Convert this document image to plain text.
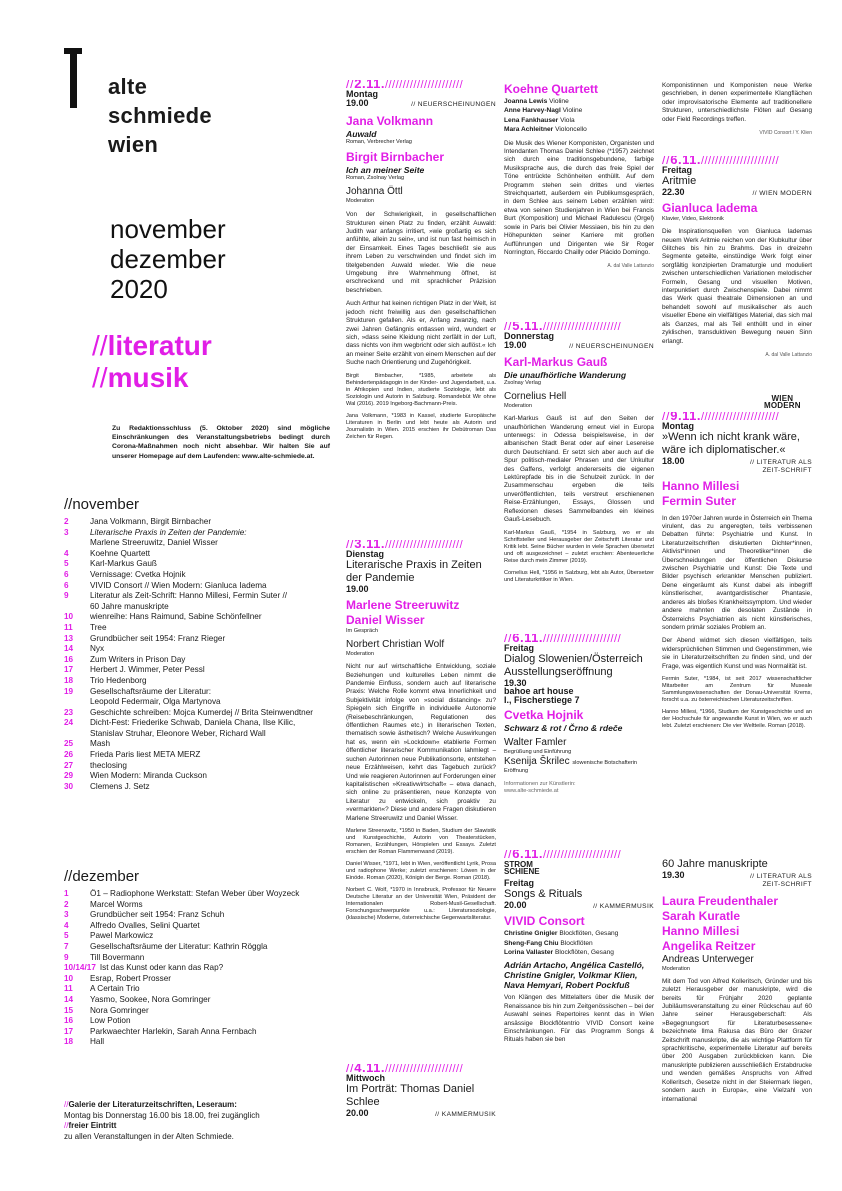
alte
schmiede
wien
november
dezember
2020
//literatur
//musik
Zu Redaktionsschluss (5. Oktober 2020) sind mögliche Einschränkungen des Veranstaltungsbetriebs bedingt durch Corona-Maßnahmen noch nicht absehbar. Wir halten Sie auf unserer Homepage auf dem Laufenden: www.alte-schmiede.at.
//november
2	Jana Volkmann, Birgit Birnbacher
3	Literarische Praxis in Zeiten der Pandemie:
Marlene Streeruwitz, Daniel Wisser
4	Koehne Quartett
5	Karl-Markus Gauß
6	Vernissage: Cvetka Hojnik
6	VIVID Consort // Wien Modern: Gianluca Iadema
9	Literatur als Zeit-Schrift: Hanno Millesi, Fermin Suter //
60 Jahre manuskripte
10	wienreihe: Hans Raimund, Sabine Schönfellner
11	Tree
13	Grundbücher seit 1954: Franz Rieger
14	Nyx
16	Zum Writers in Prison Day
17	Herbert J. Wimmer, Peter Pessl
18	Trio Hedenborg
19	Gesellschaftsräume der Literatur:
Leopold Federmair, Olga Martynova
23	Geschichte schreiben: Mojca Kumerdej // Brita Steinwendtner
24	Dicht-Fest: Friederike Schwab, Daniela Chana, Ilse Kilic,
Stanislav Struhar, Eleonore Weber, Richard Wall
25	Mash
26	Frieda Paris liest META MERZ
27	theclosing
29	Wien Modern: Miranda Cuckson
30	Clemens J. Setz
//dezember
1	Ö1 – Radiophone Werkstatt: Stefan Weber über Woyzeck
2	Marcel Worms
3	Grundbücher seit 1954: Franz Schuh
4	Alfredo Ovalles, Selini Quartet
5	Pawel Markowicz
7	Gesellschaftsräume der Literatur: Kathrin Röggla
9	Till Bovermann
10/14/17 Ist das Kunst oder kann das Rap?
10	Esrap, Robert Prosser
11	A Certain Trio
14	Yasmo, Sookee, Nora Gomringer
15	Nora Gomringer
16	Low Potion
17	Parkwaechter Harlekin, Sarah Anna Fernbach
18	Hall
//Galerie der Literaturzeitschriften, Leseraum:
Montag bis Donnerstag 16.00 bis 18.00, frei zugänglich
//freier Eintritt
zu allen Veranstaltungen in der Alten Schmiede.
// 2.11. //////////////////////
Montag
19.00	// NEUERSCHEINUNGEN
Jana Volkmann
Auwald
Roman, Verbrecher Verlag
Birgit Birnbacher
Ich an meiner Seite
Roman, Zsolnay Verlag
Johanna Öttl
Moderation

Von der Schwierigkeit, in gesellschaftlichen Strukturen einen Platz zu finden, erzählt Auwald: Judith war anfangs irritiert, »wie großartig es sich anfühlte, allein zu sein«, und ist nun fast heimisch in der Einsamkeit. Eines Tages beschließt sie aus ihrem Leben zu verschwinden und findet sich im titelgebenden Auwald wieder. Wie die neue Umgebung ihre Wahrnehmung öffnet, ist erschreckend und mit sprachlicher Präzision beschrieben.

Auch Arthur hat keinen richtigen Platz in der Welt, ist jedoch nicht freiwillig aus den gesellschaftlichen Strukturen gefallen. Als er, Anfang zwanzig, nach zwei Jahren Gefängnis entlassen wird, wundert er sich, »dass seine Kleidung nicht zerfällt in der Luft, dass nichts von ihm wegbricht oder sich auflöst.« Ich an meiner Seite erzählt von einem Menschen auf der Suche nach Orientierung und Zugehörigkeit.

Birgit Birnbacher, *1985, arbeitete als Behindertenpädagogin in der Kinder- und Jugendarbeit, u.a. in Afrikopien und Indien, studierte Soziologie, lebt als Soziologin und Autorin in Salzburg. Romandebüt Wir ohne Wal (2016). 2019 Ingeborg-Bachmann-Preis.

Jana Volkmann, *1983 in Kassel, studierte Europäische Literaturen in Berlin und lebt heute als Autorin und Journalistin in Wien. 2015 erschien ihr Debütroman Das Zeichen für Regen.

// 3.11. //////////////////////
Dienstag
Literarische Praxis in Zeiten der Pandemie
19.00
Marlene Streeruwitz
Daniel Wisser
Im Gespräch
Norbert Christian Wolf
Moderation

Nicht nur auf wirtschaftliche Entwicklung, soziale Beziehungen und kulturelles Leben nimmt die Pandemie Einfluss, sondern auch auf literarische Praxis: Welche Rolle kommt etwa Innerlichkeit und Subjektivität infolge von »social distancing« zu? Spiegeln sich Eingriffe in individuelle Autonomie (Reisebeschränkungen, Regulationen des öffentlichen Raumes etc.) in literarischen Texten, thematisch sowie ästhetisch? Welche Auswirkungen hat es, wenn ein »Lockdown« etablierte Formen öffentlicher literarischer Kommunikation lahmlegt – suchen Autorinnen neue Publikationsorte, entstehen neue Erzählweisen, kehrt das Tagebuch zurück? Und wie reagieren Autorinnen auf Forderungen einer kapitalistischen »Kreativwirtschaft« – etwa danach, sich online zu präsentieren, neue Konzepte von Literatur zu entwickeln, sich proaktiv zu »vermarkten«? Diese und andere Fragen diskutieren Marlene Streeruwitz und Daniel Wisser.

Marlene Streeruwitz, *1950 in Baden, Studium der Slawistik und Kunstgeschichte, Autorin von Theaterstücken, Romanen, Erzählungen, Hörspielen und Essays. Zuletzt erschien der Roman Flammenwand (2019).

Daniel Wisser, *1971, lebt in Wien, veröffentlicht Lyrik, Prosa und radiophone Werke; zuletzt erschienen: Löwen in der Einöde. Roman (2020), Königin der Berge. Roman (2018).

Norbert C. Wolf, *1970 in Innsbruck, Professor für Neuere Deutsche Literatur an der Universität Wien, Präsident der Internationalen Robert-Musil-Gesellschaft. Forschungsschwerpunkte u.a.: Literatursoziologie, (klassische) Moderne, österreichische Gegenwartsliteratur.

// 4.11. //////////////////////
Mittwoch
Im Porträt: Thomas Daniel Schlee
20.00	// KAMMERMUSIK
Koehne Quartett
Joanna Lewis Violine
Anne Harvey-Nagl Violine
Lena Fankhauser Viola
Mara Achleitner Violoncello

Die Musik des Wiener Komponisten, Organisten und Intendanten Thomas Daniel Schlee (*1957) zeichnet sich durch eine traditionsgebundene, farbige Musiksprache aus, die durch das freie Spiel der Töne entrückte Schönheiten enthüllt. Auf dem Programm stehen sein drittes und viertes Streichquartett, außerdem ein Publikumsgespräch, in dem Schlee aus seinem Leben erzählen wird: etwa von seinen Studienjahren in Wien bei Francis Burt (Komposition) und Michael Radulescu (Orgel) sowie in Paris bei Olivier Messiaen, bis hin zu den Höhepunkten seiner Karriere mit großen Aufführungen und Dirigenten wie Sir Roger Norrington, Riccardo Chailly oder Plácido Domingo.

A. dal Valle Lattanzio
// 5.11. //////////////////////
Donnerstag
19.00	// NEUERSCHEINUNGEN
Karl-Markus Gauß
Die unaufhörliche Wanderung
Zsolnay Verlag
Cornelius Hell
Moderation

Karl-Markus Gauß ist auf den Seiten der unaufhörlichen Wanderung erneut viel in Europa unterwegs: in Odessa beispielsweise, in der albanischen Stadt Berat oder auf einer Lesereise durch Deutschland. Er setzt sich aber auch auf die Spur politisch-medialer Phrasen und der Unkultur des Gaffens, verfolgt andererseits die eigenen Lektürepfade bis in die Schulzeit zurück. In der Zusammenschau ergeben die teils unveröffentlichten, teils verstreut erschienenen Reise-Erzählungen, Essays, Glossen und Reflexionen dieses Sammelbandes ein kleines Gauß-Lesebuch.

Karl-Markus Gauß, *1954 in Salzburg, wo er als Schriftsteller und Herausgeber der Zeitschrift Literatur und Kritik lebt. Seine Bücher wurden in viele Sprachen übersetzt und oft ausgezeichnet – zuletzt erschien: Abenteuerliche Reise durch mein Zimmer (2019).

Cornelius Hell, *1956 in Salzburg, lebt als Autor, Übersetzer und Literaturkritiker in Wien.

// 6.11. //////////////////////
Freitag
Dialog Slowenien/Österreich Ausstellungseröffnung
19.30
bahoe art house
I., Fischerstiege 7
Cvetka Hojnik
Schwarz & rot / Črno & rdeče
Walter Famler
Begrüßung und Einführung
Ksenija Škrilec slowenische Botschafterin
Eröffnung
Informationen zur Künstlerin:
www.alte-schmiede.at
// 6.11. //////////////////////
STROM
SCHIENE
Freitag
Songs & Rituals
20.00	// KAMMERMUSIK
VIVID Consort
Christine Gnigler Blockflöten, Gesang
Sheng-Fang Chiu Blockflöten
Lorina Vallaster Blockflöten, Gesang
Adrián Artacho, Angélica Castelló, Christine Gnigler, Volkmar Klien, Nava Hemyari, Robert Pockfuß

Von Klängen des Mittelalters über die Musik der Renaissance bis hin zum Zeitgenössischen – bei der Auswahl seines Repertoires kennt das in Wien ansässige Blockflötentrio VIVID Consort keine Einschränkungen. Für das Programm Songs & Rituals haben sie ben

Komponistinnen und Komponisten neue Werke geschrieben, in denen experimentelle Klangflächen oder improvisatorische Elemente auf traditionellere Strukturen, unterschiedlichste Flöten auf Gesang oder Field Recordings treffen.

VIVID Consort / Y. Klien
// 6.11. //////////////////////
Freitag
Aritmie
22.30	// WIEN MODERN
Gianluca Iadema
Klavier, Video, Elektronik

Die Inspirationsquellen von Gianluca Iademas neuem Werk Aritmie reichen von der Klubkultur über Glitches bis hin zu Brahms. Das in dreizehn Segmente geteilte, einstündige Werk folgt einer sorgfältig konzipierten Dramaturgie und moduliert zwischen unterschiedlichen Variationen melodischer Formeln, Gesang und visuellen Motiven, interpunktiert durch Zwischenspiele. Dabei nimmt das Werk quasi theatrale Dimensionen an und behandelt sowohl auf musikalischer als auch visueller Ebene ein vielfältiges Material, das sich mal als Ganzes, mal als Teil enthüllt und in einer zyklischen, transduktiven Bewegung neuen Sinn erlangt.

A. dal Valle Lattanzio
WIEN
MODERN
// 9.11. //////////////////////
Montag
»Wenn ich nicht krank wäre, wäre ich diplomatischer.«
18.00	// LITERATUR ALS
ZEIT-SCHRIFT
Hanno Millesi
Fermin Suter

In den 1970er Jahren wurde in Österreich ein Thema virulent, das zu angeregten, teils verbissenen Debatten führte: Psychiatrie und Kunst. In Literaturzeitschriften diskutierten Dichter*innen, Aktivist*innen und Theoretiker*innen die Überschneidungen der öffentlichen Diskurse zwischen Psychiatrie und Kunst: Die Texte und Bilder psychisch erkrankter Menschen publiziert. Dene eingeräumt als Kunst dabei als inbegriff künstlerischer, avantgardistischer Phantasie, anderes als bloßes Krankheitssymptom. Und wieder andere mahnten die desolaten Zustände in Österreichs Psychiatrien als nicht künstlerisches, sondern primär soziales Problem an.

Der Abend widmet sich diesen vielfältigen, teils widersprüchlichen Stimmen und Gegenstimmen, wie sie in Literaturzeitschriften zu finden sind, und der Frage, was eigentlich Kunst und was Normalität ist.

Fermin Suter, *1984, ist seit 2017 wissenschaftlicher Mitarbeiter am Zentrum für Museale Sammlungswissenschaften der Donau-Universität Krems, forscht u.a. zu österreichischen Literaturzeitschriften.

Hanno Millesi, *1966, Studium der Kunstgeschichte und an der Hochschule für angewandte Kunst in Wien, wo er auch lebt. Zuletzt erschienen: Die vier Weltteile. Roman (2018).

60 Jahre manuskripte
19.30	// LITERATUR ALS
ZEIT-SCHRIFT
Laura Freudenthaler
Sarah Kuratle
Hanno Millesi
Angelika Reitzer
Andreas Unterweger
Moderation

Mit dem Tod von Alfred Kolleritsch, Gründer und bis zuletzt Herausgeber der manuskripte, wird die bereits für Frühjahr 2020 geplante Jubiläumsveranstaltung zu einer Rückschau auf 60 Jahre seiner Herausgeberschaft: Als »Begegnungsort für Literaturbesessene« bezeichnete Ilma Rakusa das Büro der Grazer Zeitschrift manuskripte, die als wichtige Plattform für sprachkritische, experimentelle Literatur auf bereits über 200 Ausgaben zurückblicken kann. Die manuskripte publizieren ausschließlich Erstabdrucke und wenden gemäßes Anspruchs von Alfred Kolleritsch, Gesetze nicht in der Steiermark liegen, sondern auch in Europa«, eine Vielzahl von international
